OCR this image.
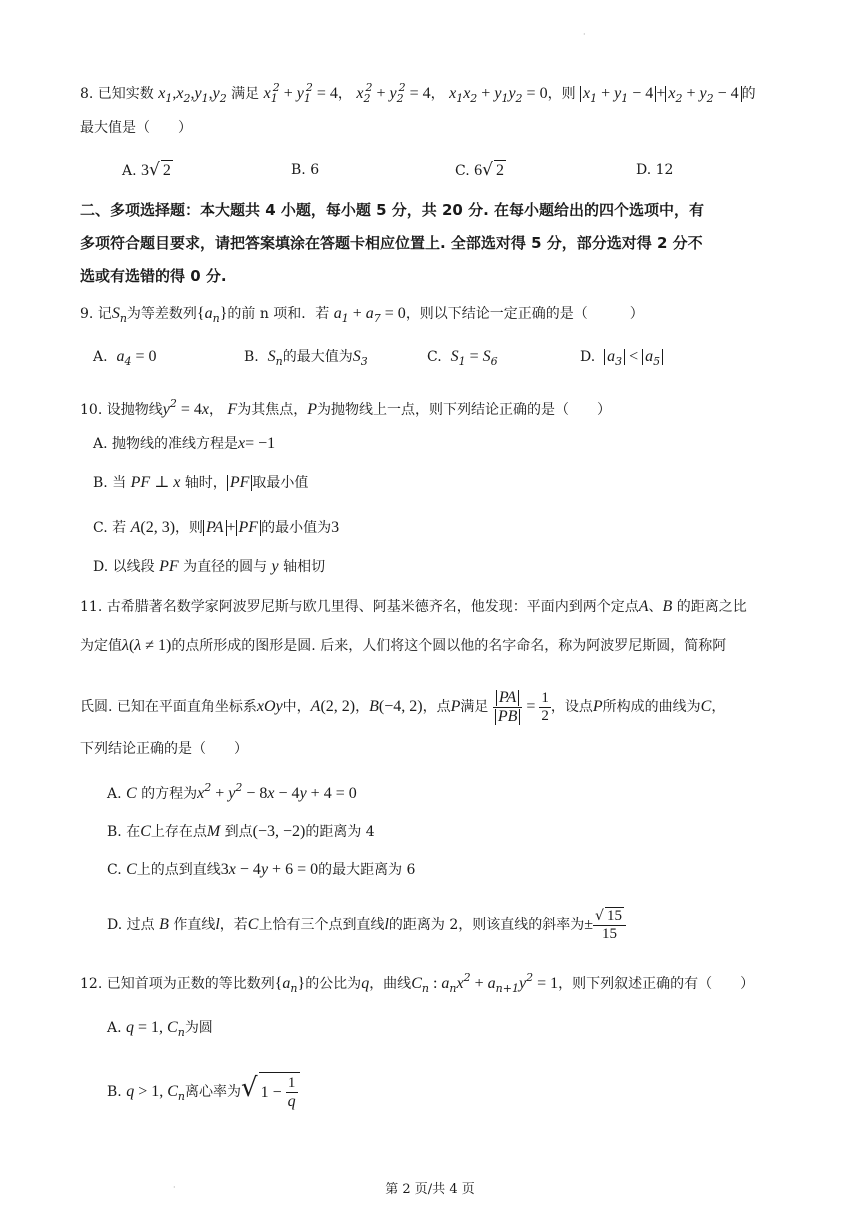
·
8. 已知实数 $x_1,x_2,y_1,y_2$ 满足 $x_1^2 + y_1^2 = 4$， $x_2^2 + y_2^2 = 4$， $x_1x_2 + y_1y_2 = 0$，则 $x_1 + y_1 - 4 + x_2 + y_2 - 4$ 的
最大值是（　　）
A. 3√ 2	B. 6	C. 6√ 2	D. 12
二、多项选择题：本大题共 4 小题，每小题 5 分，共 20 分. 在每小题给出的四个选项中，有
多项符合题目要求，请把答案填涂在答题卡相应位置上. 全部选对得 5 分，部分选对得 2 分不
选或有选错的得 0 分.
9. 记$S_n$为等差数列$\{a_n\}$的前 n 项和．若 $a_1 + a_7 = 0$，则以下结论一定正确的是（　　　）
A. $a_4 = 0$	B. $S_n$的最大值为$S_3$	C. $S_1 = S_6$	D. $a_3 < a_5$
10. 设抛物线$y^2 = 4x$， F为其焦点，P为抛物线上一点，则下列结论正确的是（　　）
A. 抛物线的准线方程是x= −1
B. 当 PF ⊥ x 轴时， PF 取最小值
C. 若 A(2, 3)，则 PA + PF 的最小值为3
D. 以线段 PF 为直径的圆与 y 轴相切
11. 古希腊著名数学家阿波罗尼斯与欧几里得、阿基米德齐名，他发现：平面内到两个定点A、B 的距离之比
为定值λ(λ ≠ 1)的点所形成的图形是圆. 后来，人们将这个圆以他的名字命名，称为阿波罗尼斯圆，简称阿
氏圆. 已知在平面直角坐标系xOy中，A(2, 2)，B(−4, 2)，点P满足 $\frac{PA}{PB} = \frac{1}{2}$ ，设点P所构成的曲线为C，
下列结论正确的是（　　）
A. C 的方程为$x^2 + y^2 - 8x - 4y + 4 = 0$
B. 在C上存在点M 到点(−3, −2)的距离为 4
C. C上的点到直线3x − 4y + 6 = 0的最大距离为 6
D. 过点 B 作直线l，若C上恰有三个点到直线l的距离为 2，则该直线的斜率为± $\frac{√ 15}{15}$
12. 已知首项为正数的等比数列$\{a_n\}$的公比为q，曲线$C_n$ : $a_nx^2 + a_{n+1}y^2 = 1$，则下列叙述正确的有（　　）
A. q = 1, $C_n$为圆
B. q > 1, $C_n$离心率为√ $1 - \frac{1}{q}$
第 2 页/共 4 页
·
